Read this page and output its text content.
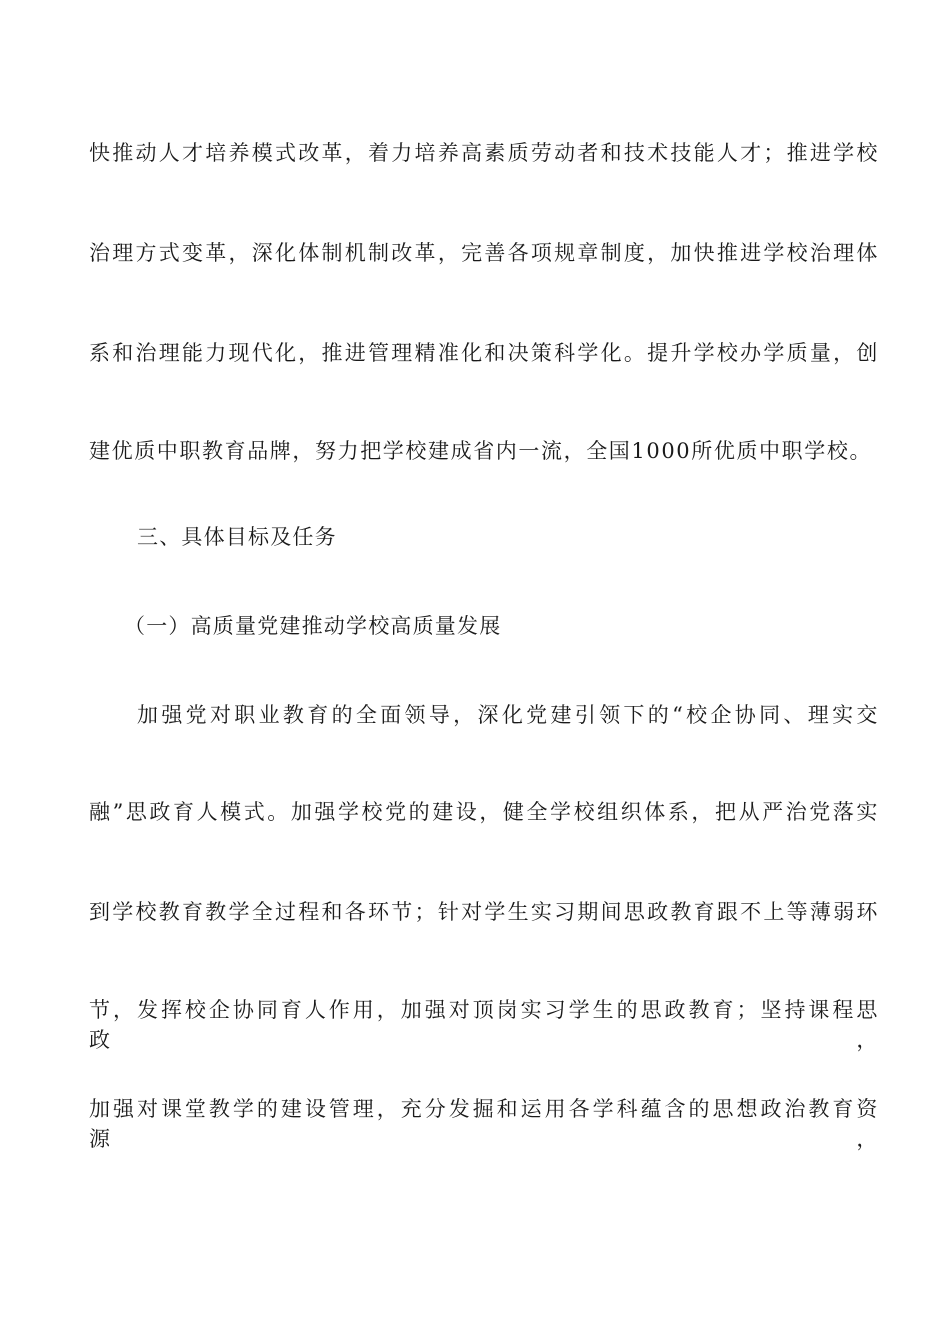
快推动人才培养模式改革，着力培养高素质劳动者和技术技能人才；推进学校
治理方式变革，深化体制机制改革，完善各项规章制度，加快推进学校治理体
系和治理能力现代化，推进管理精准化和决策科学化。提升学校办学质量，创
建优质中职教育品牌，努力把学校建成省内一流，全国1000所优质中职学校。
三、具体目标及任务
（一）高质量党建推动学校高质量发展
加强党对职业教育的全面领导，深化党建引领下的“校企协同、理实交
融”思政育人模式。加强学校党的建设，健全学校组织体系，把从严治党落实
到学校教育教学全过程和各环节；针对学生实习期间思政教育跟不上等薄弱环
节，发挥校企协同育人作用，加强对顶岗实习学生的思政教育；坚持课程思政，
加强对课堂教学的建设管理，充分发掘和运用各学科蕴含的思想政治教育资源，
